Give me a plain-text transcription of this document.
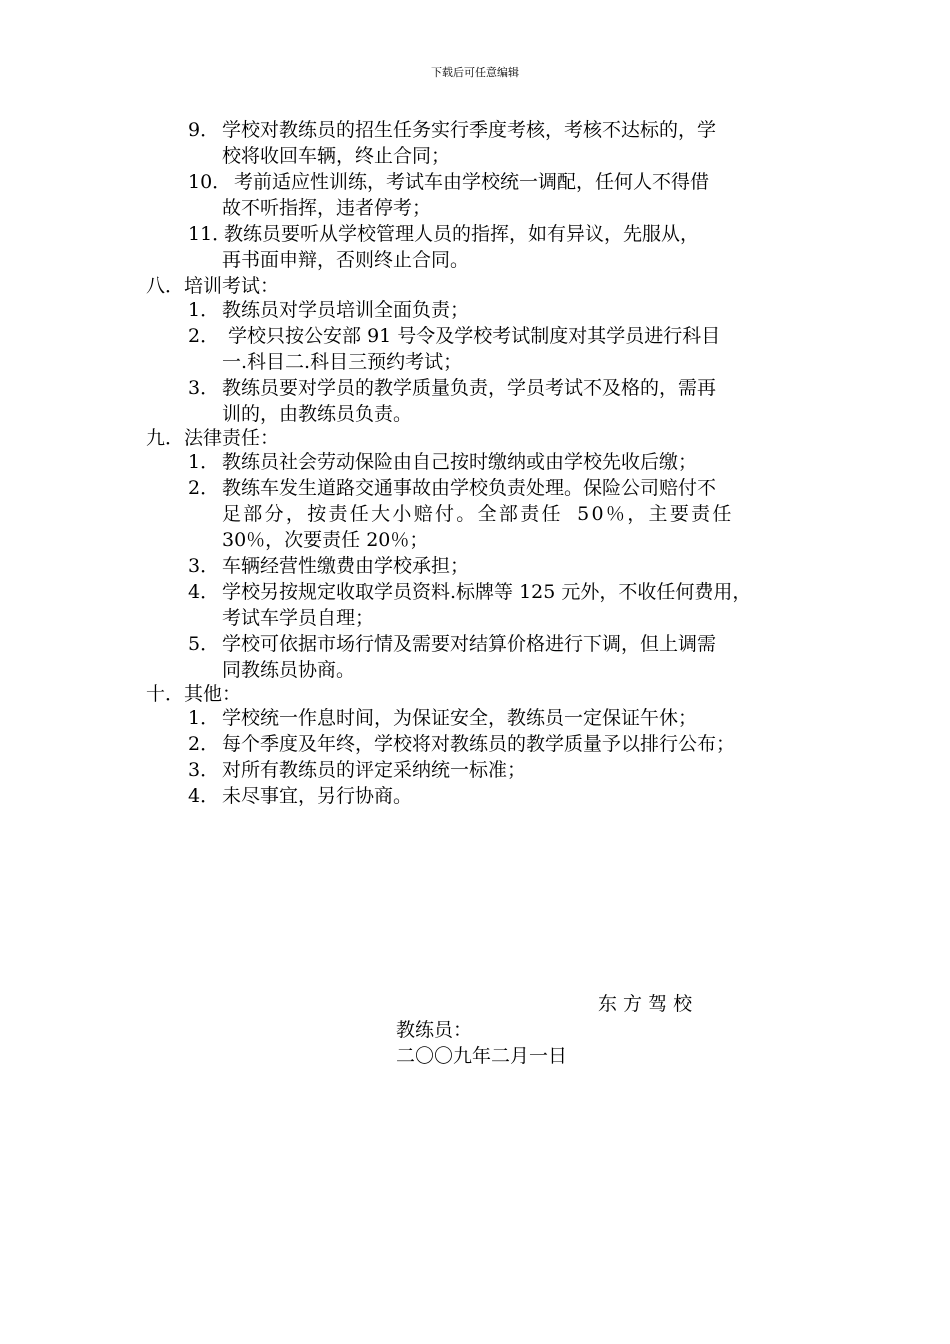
下载后可任意编辑
9． 学校对教练员的招生任务实行季度考核，考核不达标的，学
校将收回车辆，终止合同；
10． 考前适应性训练，考试车由学校统一调配，任何人不得借
故不听指挥，违者停考；
11．教练员要听从学校管理人员的指挥，如有异议，先服从，
再书面申辩，否则终止合同。
八．培训考试：
1． 教练员对学员培训全面负责；
2． 学校只按公安部 91 号令及学校考试制度对其学员进行科目
一.科目二.科目三预约考试；
3． 教练员要对学员的教学质量负责，学员考试不及格的，需再
训的，由教练员负责。
九．法律责任：
1． 教练员社会劳动保险由自己按时缴纳或由学校先收后缴；
2． 教练车发生道路交通事故由学校负责处理。保险公司赔付不
足部分，按责任大小赔付。全部责任 50％，主要责任
30％，次要责任 20％；
3． 车辆经营性缴费由学校承担；
4． 学校另按规定收取学员资料.标牌等 125 元外，不收任何费用，
考试车学员自理；
5． 学校可依据市场行情及需要对结算价格进行下调，但上调需
同教练员协商。
十．其他：
1． 学校统一作息时间，为保证安全，教练员一定保证午休；
2． 每个季度及年终，学校将对教练员的教学质量予以排行公布；
3． 对所有教练员的评定采纳统一标准；
4． 未尽事宜，另行协商。
东 方 驾 校
教练员：
二〇〇九年二月一日
